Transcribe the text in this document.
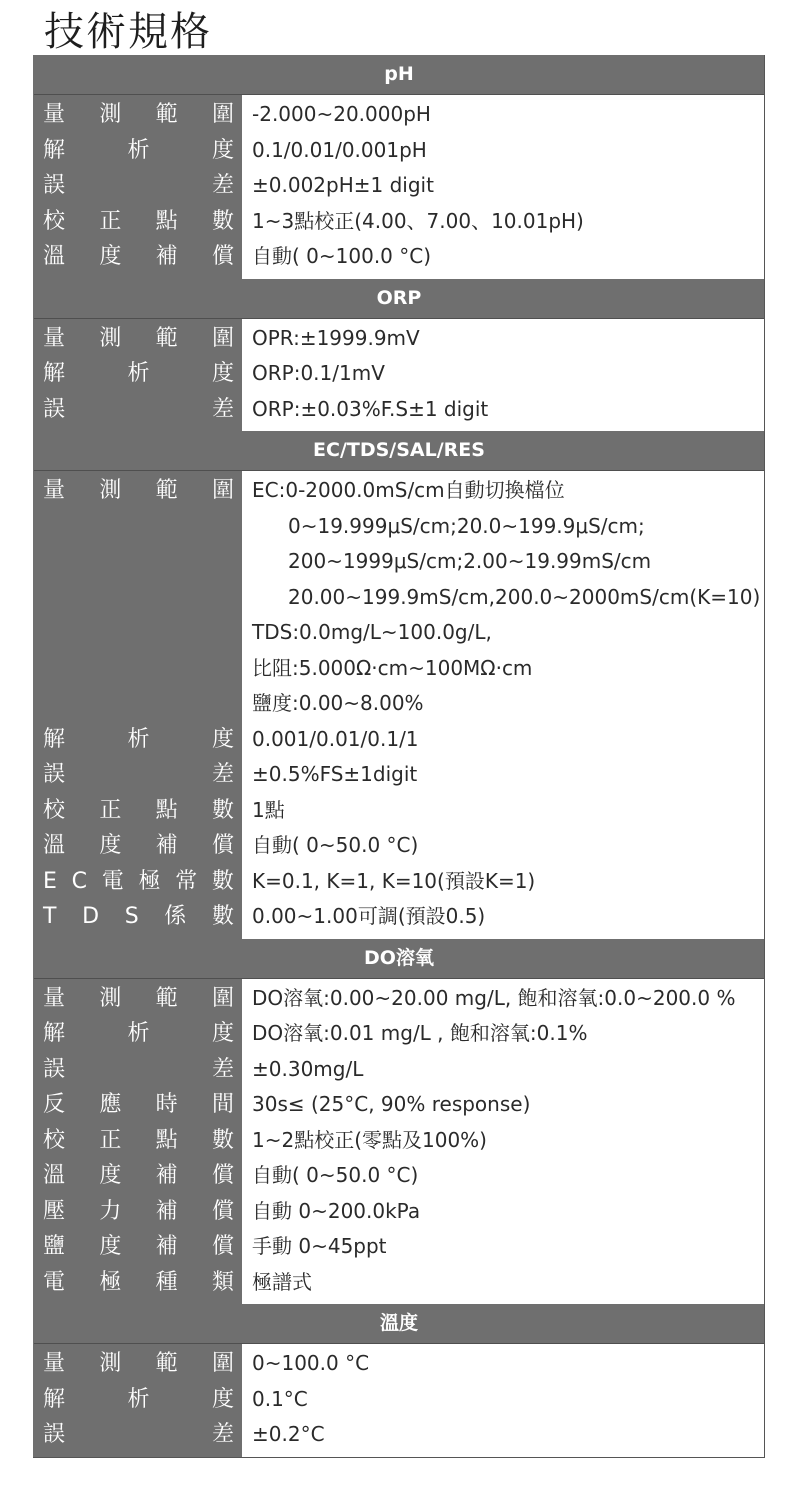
技術規格
pH
量 測 範 圍 -2.000~20.000pH
解	析	度 0.1/0.01/0.001pH
誤	差 ±0.002pH±1 digit
校 正 點 數 1~3點校正(4.00、7.00、10.01pH)
溫 度 補 償 自動( 0~100.0 °C)
ORP
量 測 範 圍 OPR:±1999.9mV
解	析	度 ORP:0.1/1mV
誤	差 ORP:±0.03%F.S±1 digit
EC/TDS/SAL/RES
量 測 範 圍 EC:0-2000.0mS/cm自動切換檔位
0~19.999μS/cm;20.0~199.9μS/cm;
200~1999μS/cm;2.00~19.99mS/cm
20.00~199.9mS/cm,200.0~2000mS/cm(K=10)
TDS:0.0mg/L~100.0g/L,
比阻:5.000Ω·cm~100MΩ·cm
鹽度:0.00~8.00%
解	析	度 0.001/0.01/0.1/1
誤	差 ±0.5%FS±1digit
校 正 點 數 1點
溫 度 補 償 自動( 0~50.0 °C)
E C 電 極 常 數 K=0.1, K=1, K=10(預設K=1)
T D S 係 數 0.00~1.00可調(預設0.5)
DO溶氧
量 測 範 圍 DO溶氧:0.00~20.00 mg/L, 飽和溶氧:0.0~200.0 %
解	析	度 DO溶氧:0.01 mg/L , 飽和溶氧:0.1%
誤	差 ±0.30mg/L
反 應 時 間 30s≤ (25°C, 90% response)
校 正 點 數 1~2點校正(零點及100%)
溫 度 補 償 自動( 0~50.0 °C)
壓 力 補 償 自動 0~200.0kPa
鹽 度 補 償 手動 0~45ppt
電 極 種 類 極譜式
溫度
量 測 範 圍 0~100.0 °C
解	析	度 0.1°C
誤	差 ±0.2°C
